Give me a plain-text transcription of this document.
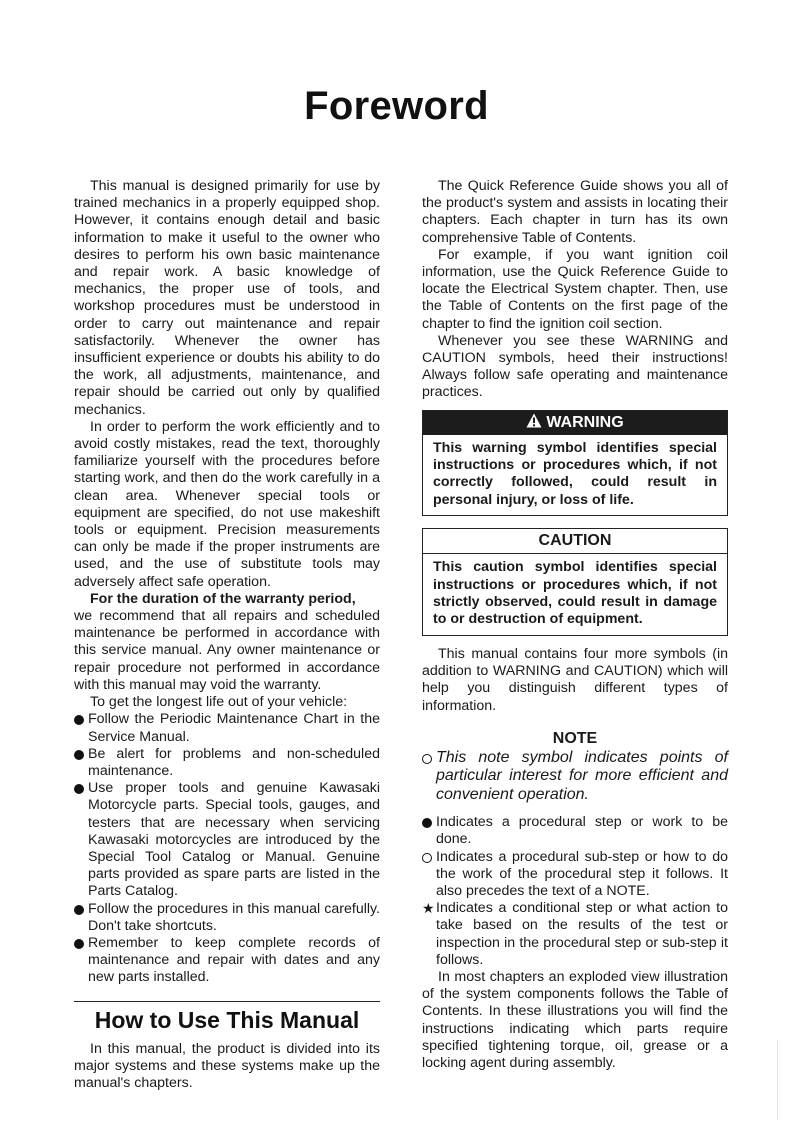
Foreword

This manual is designed primarily for use by trained mechanics in a properly equipped shop. However, it contains enough detail and basic information to make it useful to the owner who desires to perform his own basic maintenance and repair work. A basic knowledge of mechanics, the proper use of tools, and workshop procedures must be understood in order to carry out maintenance and repair satisfactorily. Whenever the owner has insufficient experience or doubts his ability to do the work, all adjustments, maintenance, and repair should be carried out only by qualified mechanics.

In order to perform the work efficiently and to avoid costly mistakes, read the text, thoroughly familiarize yourself with the procedures before starting work, and then do the work carefully in a clean area. Whenever special tools or equipment are specified, do not use makeshift tools or equipment. Precision measurements can only be made if the proper instruments are used, and the use of substitute tools may adversely affect safe operation.

For the duration of the warranty period,

we recommend that all repairs and scheduled maintenance be performed in accordance with this service manual. Any owner maintenance or repair procedure not performed in accordance with this manual may void the warranty.

To get the longest life out of your vehicle:

Follow the Periodic Maintenance Chart in the Service Manual.
Be alert for problems and non-scheduled maintenance.
Use proper tools and genuine Kawasaki Motorcycle parts. Special tools, gauges, and testers that are necessary when servicing Kawasaki motorcycles are introduced by the Special Tool Catalog or Manual. Genuine parts provided as spare parts are listed in the Parts Catalog.
Follow the procedures in this manual carefully. Don't take shortcuts.
Remember to keep complete records of maintenance and repair with dates and any new parts installed.
How to Use This Manual

In this manual, the product is divided into its major systems and these systems make up the manual's chapters.

The Quick Reference Guide shows you all of the product's system and assists in locating their chapters. Each chapter in turn has its own comprehensive Table of Contents.

For example, if you want ignition coil information, use the Quick Reference Guide to locate the Electrical System chapter. Then, use the Table of Contents on the first page of the chapter to find the ignition coil section.

Whenever you see these WARNING and CAUTION symbols, heed their instructions! Always follow safe operating and maintenance practices.

WARNING
This warning symbol identifies special instructions or procedures which, if not correctly followed, could result in personal injury, or loss of life.
CAUTION
This caution symbol identifies special instructions or procedures which, if not strictly observed, could result in damage to or destruction of equipment.

This manual contains four more symbols (in addition to WARNING and CAUTION) which will help you distinguish different types of information.

NOTE
This note symbol indicates points of particular interest for more efficient and convenient operation.
Indicates a procedural step or work to be done.
Indicates a procedural sub-step or how to do the work of the procedural step it follows. It also precedes the text of a NOTE.
★ Indicates a conditional step or what action to take based on the results of the test or inspection in the procedural step or sub-step it follows.

In most chapters an exploded view illustration of the system components follows the Table of Contents. In these illustrations you will find the instructions indicating which parts require specified tightening torque, oil, grease or a locking agent during assembly.
